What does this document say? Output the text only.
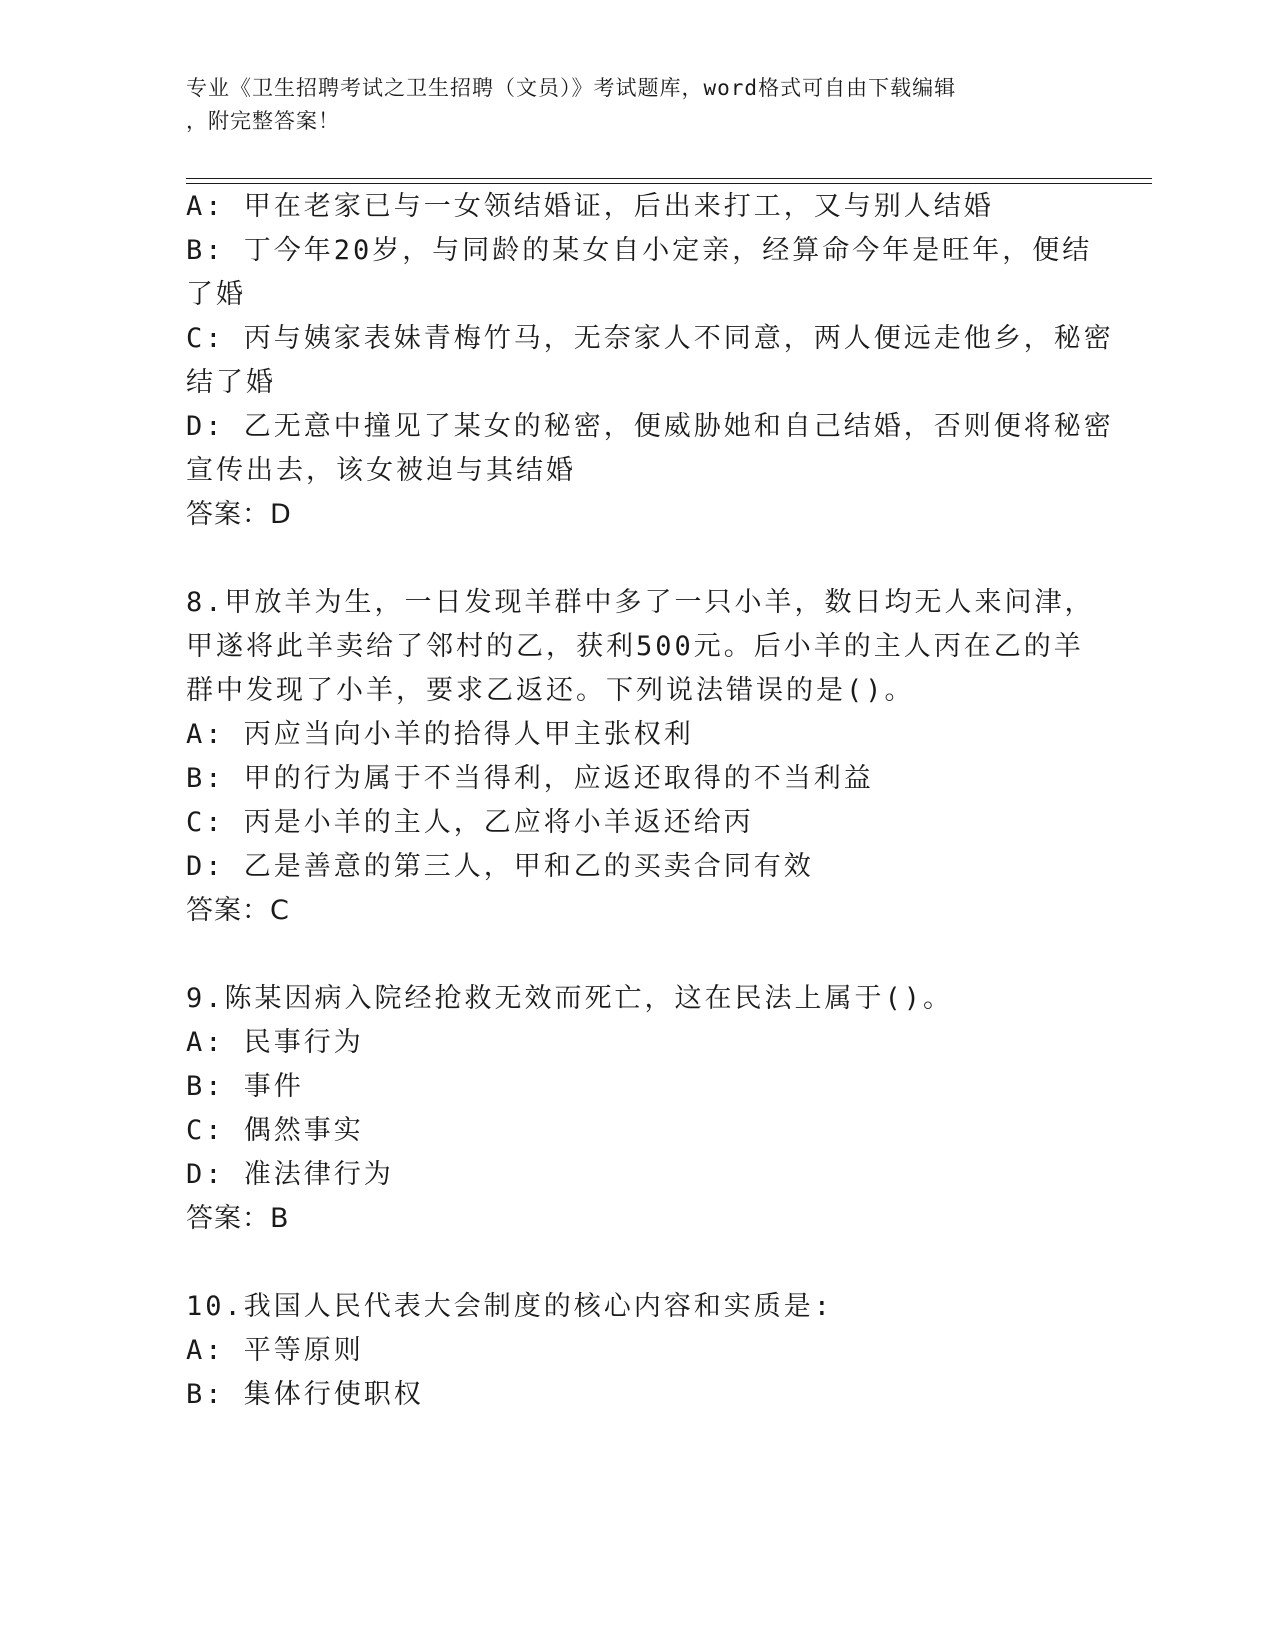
专业《卫生招聘考试之卫生招聘（文员）》考试题库，word格式可自由下载编辑
，附完整答案！
A: 甲在老家已与一女领结婚证，后出来打工，又与别人结婚
B: 丁今年20岁，与同龄的某女自小定亲，经算命今年是旺年，便结
了婚
C: 丙与姨家表妹青梅竹马，无奈家人不同意，两人便远走他乡，秘密
结了婚
D: 乙无意中撞见了某女的秘密，便威胁她和自己结婚，否则便将秘密
宣传出去，该女被迫与其结婚
答案：D
8.甲放羊为生，一日发现羊群中多了一只小羊，数日均无人来问津，
甲遂将此羊卖给了邻村的乙，获利500元。后小羊的主人丙在乙的羊
群中发现了小羊，要求乙返还。下列说法错误的是()。
A: 丙应当向小羊的拾得人甲主张权利
B: 甲的行为属于不当得利，应返还取得的不当利益
C: 丙是小羊的主人，乙应将小羊返还给丙
D: 乙是善意的第三人，甲和乙的买卖合同有效
答案：C
9.陈某因病入院经抢救无效而死亡，这在民法上属于()。
A: 民事行为
B: 事件
C: 偶然事实
D: 准法律行为
答案：B
10.我国人民代表大会制度的核心内容和实质是:
A: 平等原则
B: 集体行使职权
